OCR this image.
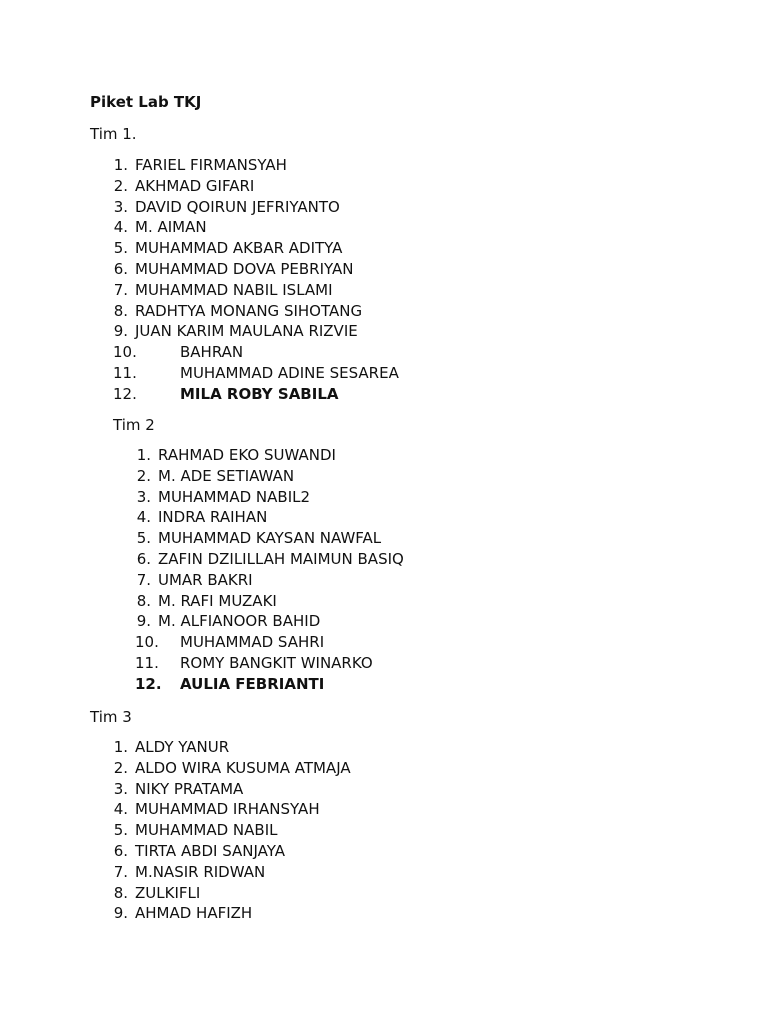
Piket Lab TKJ
Tim 1.
1. FARIEL FIRMANSYAH
2. AKHMAD GIFARI
3. DAVID QOIRUN JEFRIYANTO
4. M. AIMAN
5. MUHAMMAD AKBAR ADITYA
6. MUHAMMAD DOVA PEBRIYAN
7. MUHAMMAD NABIL ISLAMI
8. RADHTYA MONANG SIHOTANG
9. JUAN KARIM MAULANA RIZVIE
10.	BAHRAN
11.	MUHAMMAD ADINE SESAREA
12.	MILA ROBY SABILA
Tim 2
1. RAHMAD EKO SUWANDI
2. M. ADE SETIAWAN
3. MUHAMMAD NABIL2
4. INDRA RAIHAN
5. MUHAMMAD KAYSAN NAWFAL
6. ZAFIN DZILILLAH MAIMUN BASIQ
7. UMAR BAKRI
8. M. RAFI MUZAKI
9. M. ALFIANOOR BAHID
10. MUHAMMAD SAHRI
11. ROMY BANGKIT WINARKO
12. AULIA FEBRIANTI
Tim 3
1. ALDY YANUR
2. ALDO WIRA KUSUMA ATMAJA
3. NIKY PRATAMA
4. MUHAMMAD IRHANSYAH
5. MUHAMMAD NABIL
6. TIRTA ABDI SANJAYA
7. M.NASIR RIDWAN
8. ZULKIFLI
9. AHMAD HAFIZH
